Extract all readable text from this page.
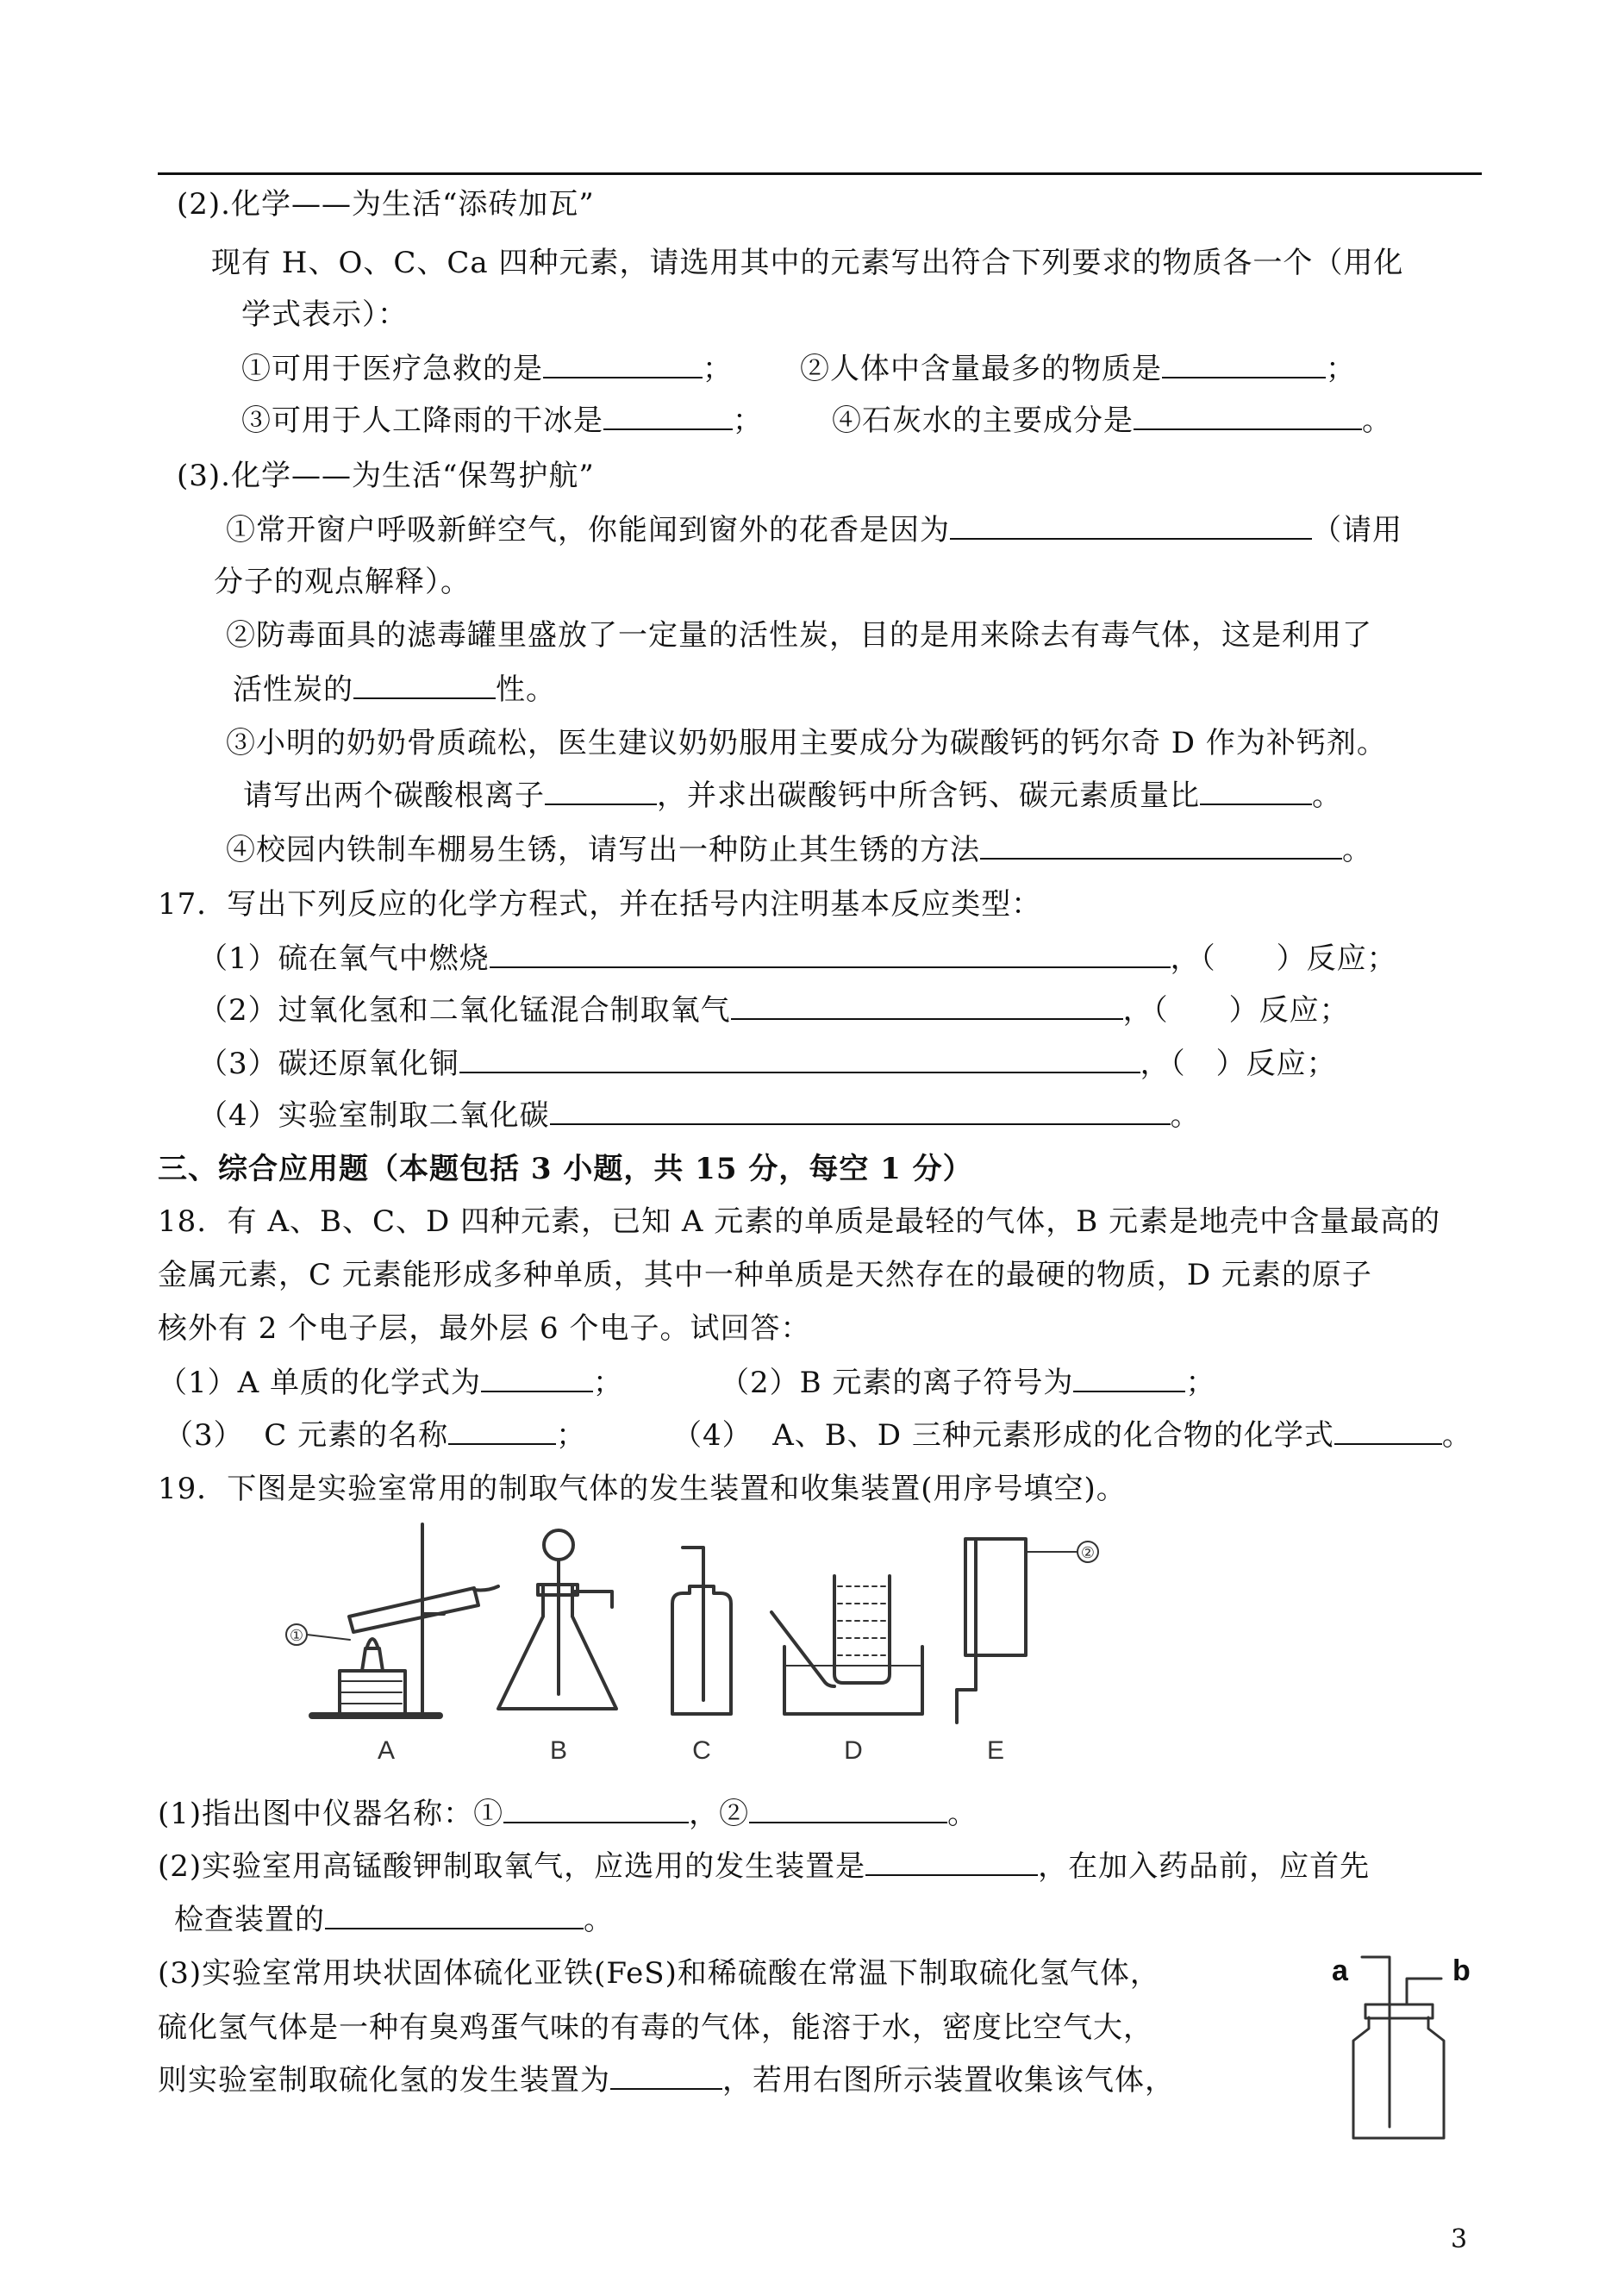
(2).化学——为生活“添砖加瓦”
现有 H、O、C、Ca 四种元素，请选用其中的元素写出符合下列要求的物质各一个（用化
学式表示）：
①可用于医疗急救的是	； ②人体中含量最多的物质是	；
③可用于人工降雨的干冰是	； ④石灰水的主要成分是	。
(3).化学——为生活“保驾护航”
①常开窗户呼吸新鲜空气，你能闻到窗外的花香是因为	（请用
分子的观点解释）。
②防毒面具的滤毒罐里盛放了一定量的活性炭，目的是用来除去有毒气体，这是利用了
活性炭的	性。
③小明的奶奶骨质疏松，医生建议奶奶服用主要成分为碳酸钙的钙尔奇 D 作为补钙剂。
请写出两个碳酸根离子	，并求出碳酸钙中所含钙、碳元素质量比	。
④校园内铁制车棚易生锈，请写出一种防止其生锈的方法	。
17．写出下列反应的化学方程式，并在括号内注明基本反应类型：
（1）硫在氧气中燃烧	，（　　）反应；
（2）过氧化氢和二氧化锰混合制取氧气	，（　　）反应；
（3）碳还原氧化铜	，（　）反应；
（4）实验室制取二氧化碳	。
三、综合应用题（本题包括 3 小题，共 15 分，每空 1 分）
18.  有 A、B、C、D 四种元素，已知 A 元素的单质是最轻的气体，B 元素是地壳中含量最高的
金属元素，C 元素能形成多种单质，其中一种单质是天然存在的最硬的物质，D 元素的原子
核外有 2 个电子层，最外层 6 个电子。试回答：
（1）A 单质的化学式为	；	（2）B 元素的离子符号为	；
（3）  C 元素的名称	；	（4）  A、B、D 三种元素形成的化合物的化学式	。
19．下图是实验室常用的制取气体的发生装置和收集装置(用序号填空)。
①
②
A	B	C	D	E
(1)指出图中仪器名称：①	，②	。
(2)实验室用高锰酸钾制取氧气，应选用的发生装置是	，在加入药品前，应首先
检查装置的	。
(3)实验室常用块状固体硫化亚铁(FeS)和稀硫酸在常温下制取硫化氢气体，
硫化氢气体是一种有臭鸡蛋气味的有毒的气体，能溶于水，密度比空气大，
则实验室制取硫化氢的发生装置为	，若用右图所示装置收集该气体，
a	b
3
